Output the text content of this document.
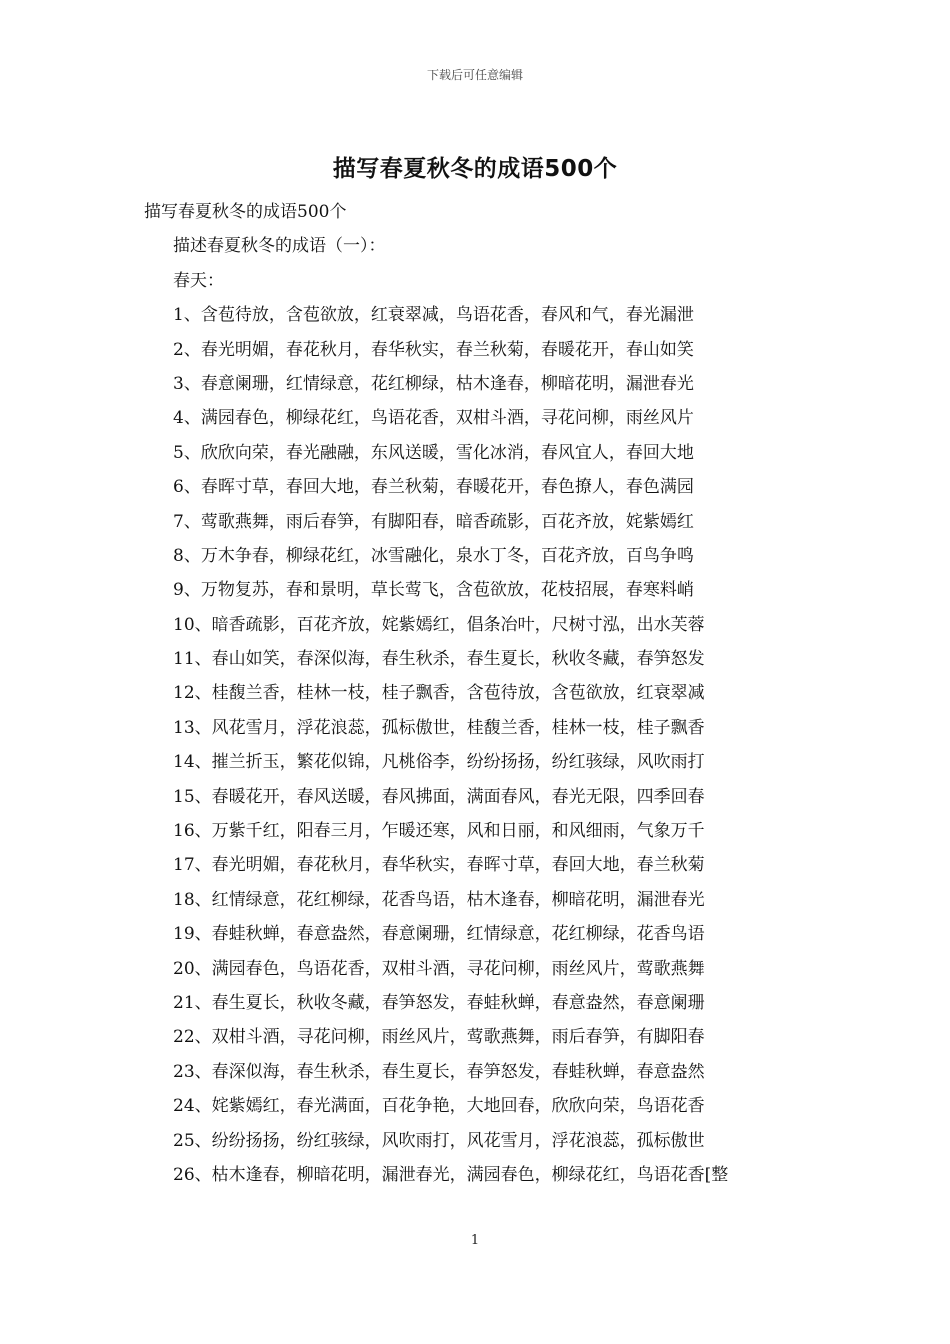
下载后可任意编辑
描写春夏秋冬的成语500个
描写春夏秋冬的成语500个
描述春夏秋冬的成语（一）：
春天：
1、含苞待放，含苞欲放，红衰翠减，鸟语花香，春风和气，春光漏泄
2、春光明媚，春花秋月，春华秋实，春兰秋菊，春暖花开，春山如笑
3、春意阑珊，红情绿意，花红柳绿，枯木逢春，柳暗花明，漏泄春光
4、满园春色，柳绿花红，鸟语花香，双柑斗酒，寻花问柳，雨丝风片
5、欣欣向荣，春光融融，东风送暖，雪化冰消，春风宜人，春回大地
6、春晖寸草，春回大地，春兰秋菊，春暖花开，春色撩人，春色满园
7、莺歌燕舞，雨后春笋，有脚阳春，暗香疏影，百花齐放，姹紫嫣红
8、万木争春，柳绿花红，冰雪融化，泉水丁冬，百花齐放，百鸟争鸣
9、万物复苏，春和景明，草长莺飞，含苞欲放，花枝招展，春寒料峭
10、暗香疏影，百花齐放，姹紫嫣红，倡条冶叶，尺树寸泓，出水芙蓉
11、春山如笑，春深似海，春生秋杀，春生夏长，秋收冬藏，春笋怒发
12、桂馥兰香，桂林一枝，桂子飘香，含苞待放，含苞欲放，红衰翠减
13、风花雪月，浮花浪蕊，孤标傲世，桂馥兰香，桂林一枝，桂子飘香
14、摧兰折玉，繁花似锦，凡桃俗李，纷纷扬扬，纷红骇绿，风吹雨打
15、春暖花开，春风送暖，春风拂面，满面春风，春光无限，四季回春
16、万紫千红，阳春三月，乍暖还寒，风和日丽，和风细雨，气象万千
17、春光明媚，春花秋月，春华秋实，春晖寸草，春回大地，春兰秋菊
18、红情绿意，花红柳绿，花香鸟语，枯木逢春，柳暗花明，漏泄春光
19、春蛙秋蝉，春意盎然，春意阑珊，红情绿意，花红柳绿，花香鸟语
20、满园春色，鸟语花香，双柑斗酒，寻花问柳，雨丝风片，莺歌燕舞
21、春生夏长，秋收冬藏，春笋怒发，春蛙秋蝉，春意盎然，春意阑珊
22、双柑斗酒，寻花问柳，雨丝风片，莺歌燕舞，雨后春笋，有脚阳春
23、春深似海，春生秋杀，春生夏长，春笋怒发，春蛙秋蝉，春意盎然
24、姹紫嫣红，春光满面，百花争艳，大地回春，欣欣向荣，鸟语花香
25、纷纷扬扬，纷红骇绿，风吹雨打，风花雪月，浮花浪蕊，孤标傲世
26、枯木逢春，柳暗花明，漏泄春光，满园春色，柳绿花红，鸟语花香[整
1
